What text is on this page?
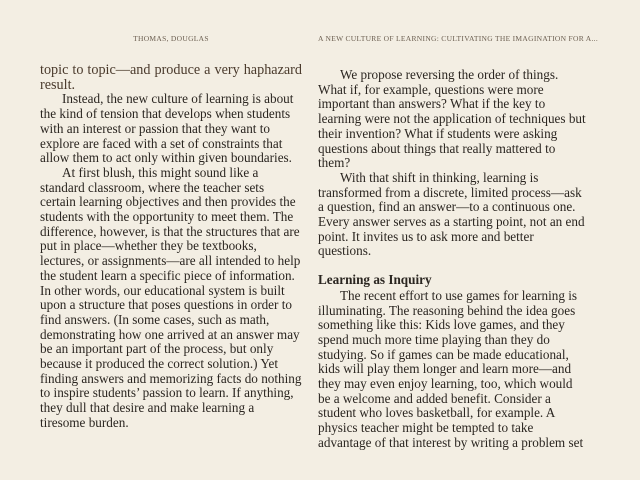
THOMAS, DOUGLAS

topic to topic—and produce a very haphazard

result.

Instead, the new culture of learning is about the kind of tension that develops when students with an interest or passion that they want to explore are faced with a set of constraints that allow them to act only within given boundaries.

At first blush, this might sound like a standard classroom, where the teacher sets certain learning objectives and then provides the students with the opportunity to meet them. The difference, however, is that the structures that are put in place—whether they be textbooks, lectures, or assignments—are all intended to help the student learn a specific piece of information. In other words, our educational system is built upon a structure that poses questions in order to find answers. (In some cases, such as math, demonstrating how one arrived at an answer may be an important part of the process, but only because it produced the correct solution.) Yet finding answers and memorizing facts do nothing to inspire students’ passion to learn. If anything, they dull that desire and make learning a tiresome burden.

A NEW CULTURE OF LEARNING: CULTIVATING THE IMAGINATION FOR A...

We propose reversing the order of things. What if, for example, questions were more important than answers? What if the key to learning were not the application of techniques but their invention? What if students were asking questions about things that really mattered to them?

With that shift in thinking, learning is transformed from a discrete, limited process—ask a question, find an answer—to a continuous one. Every answer serves as a starting point, not an end point. It invites us to ask more and better questions.

Learning as Inquiry

The recent effort to use games for learning is illuminating. The reasoning behind the idea goes something like this: Kids love games, and they spend much more time playing than they do studying. So if games can be made educational, kids will play them longer and learn more—and they may even enjoy learning, too, which would be a welcome and added benefit. Consider a student who loves basketball, for example. A physics teacher might be tempted to take advantage of that interest by writing a problem set
